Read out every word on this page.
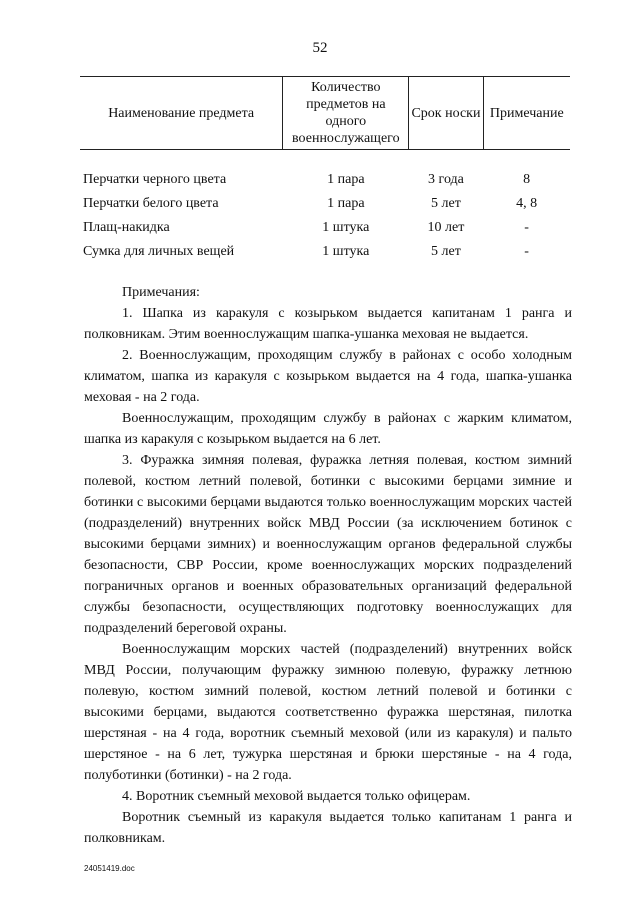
52
Наименование предмета	Количество предметов на одного военнослужащего	Срок носки	Примечание

Перчатки черного цвета	1 пара	3 года	8
Перчатки белого цвета	1 пара	5 лет	4, 8
Плащ-накидка	1 штука	10 лет	-
Сумка для личных вещей	1 штука	5 лет	-

Примечания:

1. Шапка из каракуля с козырьком выдается капитанам 1 ранга и полковникам. Этим военнослужащим шапка-ушанка меховая не выдается.

2. Военнослужащим, проходящим службу в районах с особо холодным климатом, шапка из каракуля с козырьком выдается на 4 года, шапка-ушанка меховая - на 2 года.

Военнослужащим, проходящим службу в районах с жарким климатом, шапка из каракуля с козырьком выдается на 6 лет.

3. Фуражка зимняя полевая, фуражка летняя полевая, костюм зимний полевой, костюм летний полевой, ботинки с высокими берцами зимние и ботинки с высокими берцами выдаются только военнослужащим морских частей (подразделений) внутренних войск МВД России (за исключением ботинок с высокими берцами зимних) и военнослужащим органов федеральной службы безопасности, СВР России, кроме военнослужащих морских подразделений пограничных органов и военных образовательных организаций федеральной службы безопасности, осуществляющих подготовку военнослужащих для подразделений береговой охраны.

Военнослужащим морских частей (подразделений) внутренних войск МВД России, получающим фуражку зимнюю полевую, фуражку летнюю полевую, костюм зимний полевой, костюм летний полевой и ботинки с высокими берцами, выдаются соответственно фуражка шерстяная, пилотка шерстяная - на 4 года, воротник съемный меховой (или из каракуля) и пальто шерстяное - на 6 лет, тужурка шерстяная и брюки шерстяные - на 4 года, полуботинки (ботинки) - на 2 года.

4. Воротник съемный меховой выдается только офицерам.

Воротник съемный из каракуля выдается только капитанам 1 ранга и полковникам.

24051419.doc
